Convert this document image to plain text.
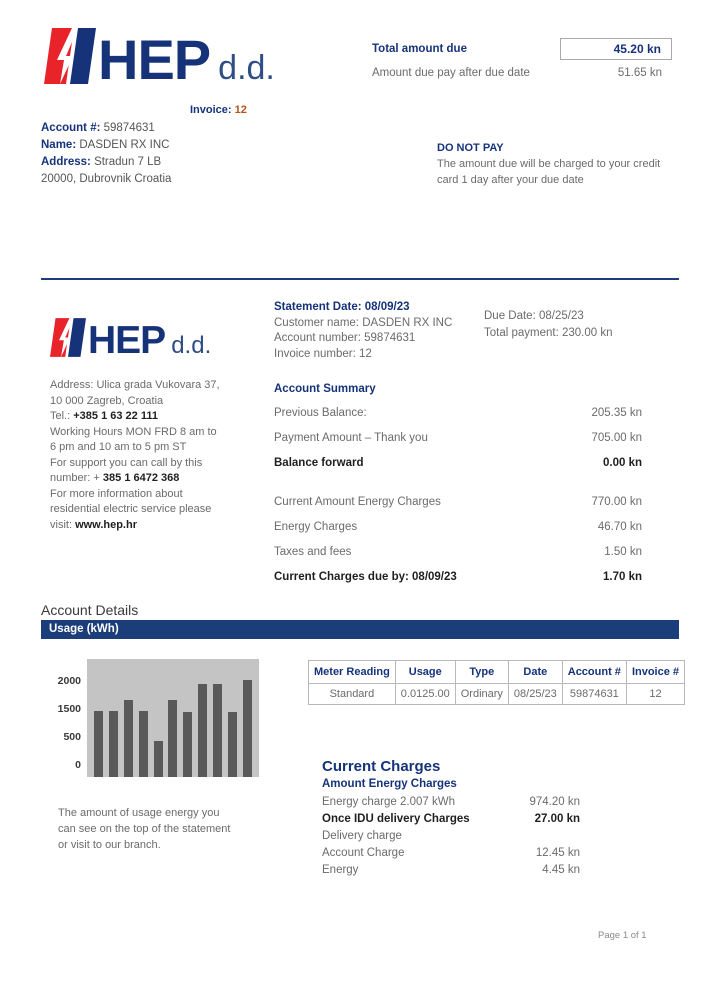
HEP d.d.
Invoice: 12
Account #: 59874631
Name: DASDEN RX INC
Address: Stradun 7 LB
20000, Dubrovnik Croatia
Total amount due	45.20 kn
Amount due pay after due date	51.65 kn
DO NOT PAY
The amount due will be charged to your credit card 1 day after your due date
HEP d.d.
Address: Ulica grada Vukovara 37,
10 000 Zagreb, Croatia
Tel.: +385 1 63 22 111
Working Hours MON FRD 8 am to
6 pm and 10 am to 5 pm ST
For support you can call by this
number: + 385 1 6472 368
For more information about
residential electric service please
visit: www.hep.hr
Statement Date: 08/09/23
Customer name: DASDEN RX INC
Account number: 59874631
Invoice number: 12
Due Date: 08/25/23
Total payment: 230.00 kn
Account Summary
Previous Balance:	205.35 kn
Payment Amount – Thank you	705.00 kn
Balance forward	0.00 kn
Current Amount Energy Charges	770.00 kn
Energy Charges	46.70 kn
Taxes and fees	1.50 kn
Current Charges due by: 08/09/23	1.70 kn
Account Details
Usage (kWh)
2000
1500
500
0
The amount of usage energy you
can see on the top of the statement
or visit to our branch.
Meter Reading	Usage	Type	Date	Account #	Invoice #
Standard	0.0125.00	Ordinary	08/25/23	59874631	12
Current Charges
Amount Energy Charges
Energy charge 2.007 kWh	974.20 kn
Once IDU delivery Charges	27.00 kn
Delivery charge
Account Charge	12.45 kn
Energy	4.45 kn
Page 1 of 1
